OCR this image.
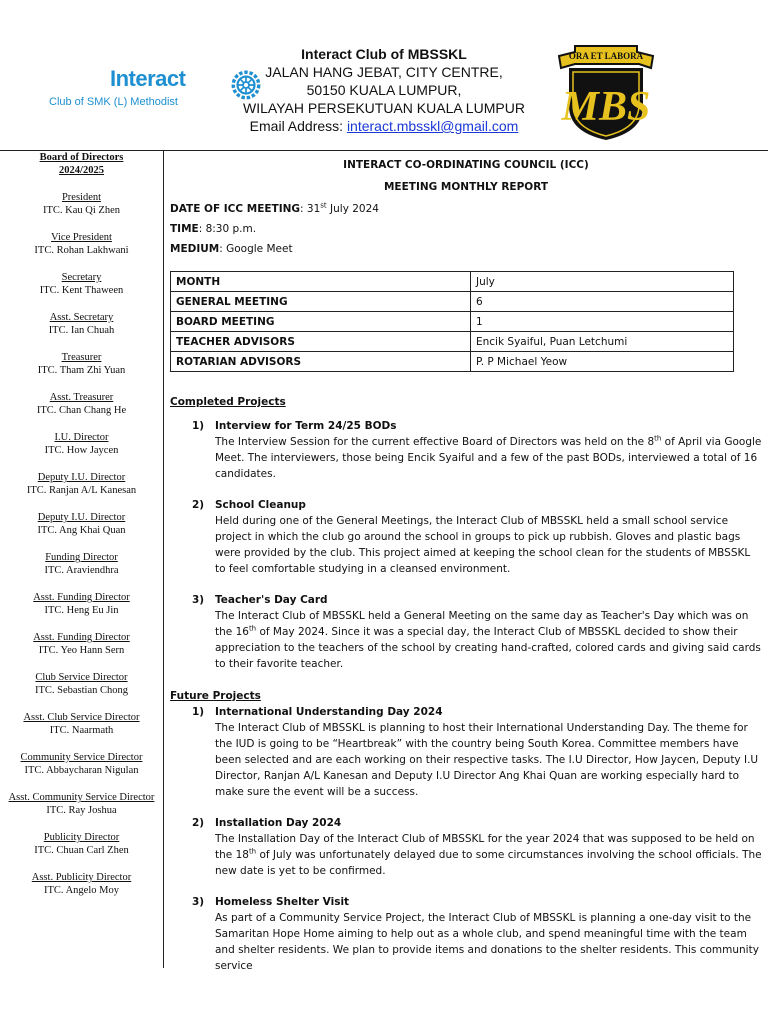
Interact
Club of SMK (L) Methodist
Interact Club of MBSSKL
JALAN HANG JEBAT, CITY CENTRE,
50150 KUALA LUMPUR,
WILAYAH PERSEKUTUAN KUALA LUMPUR
Email Address: interact.mbsskl@gmail.com
ORA ET LABORA
MBS
Board of Directors
2024/2025
President
ITC. Kau Qi Zhen
Vice President
ITC. Rohan Lakhwani
Secretary
ITC. Kent Thaween
Asst. Secretary
ITC. Ian Chuah
Treasurer
ITC. Tham Zhi Yuan
Asst. Treasurer
ITC. Chan Chang He
I.U. Director
ITC. How Jaycen
Deputy I.U. Director
ITC. Ranjan A/L Kanesan
Deputy I.U. Director
ITC. Ang Khai Quan
Funding Director
ITC. Araviendhra
Asst. Funding Director
ITC. Heng Eu Jin
Asst. Funding Director
ITC. Yeo Hann Sern
Club Service Director
ITC. Sebastian Chong
Asst. Club Service Director
ITC. Naarmath
Community Service Director
ITC. Abbaycharan Nigulan
Asst. Community Service Director
ITC. Ray Joshua
Publicity Director
ITC. Chuan Carl Zhen
Asst. Publicity Director
ITC. Angelo Moy
INTERACT CO-ORDINATING COUNCIL (ICC)
MEETING MONTHLY REPORT
DATE OF ICC MEETING: 31st July 2024
TIME: 8:30 p.m.
MEDIUM: Google Meet
MONTH	July
GENERAL MEETING	6
BOARD MEETING	1
TEACHER ADVISORS	Encik Syaiful, Puan Letchumi
ROTARIAN ADVISORS	P. P Michael Yeow
Completed Projects
1) Interview for Term 24/25 BODs
The Interview Session for the current effective Board of Directors was held on the 8th of April via Google Meet. The interviewers, those being Encik Syaiful and a few of the past BODs, interviewed a total of 16 candidates.
2) School Cleanup
Held during one of the General Meetings, the Interact Club of MBSSKL held a small school service project in which the club go around the school in groups to pick up rubbish. Gloves and plastic bags were provided by the club. This project aimed at keeping the school clean for the students of MBSSKL to feel comfortable studying in a cleansed environment.
3) Teacher's Day Card
The Interact Club of MBSSKL held a General Meeting on the same day as Teacher's Day which was on the 16th of May 2024. Since it was a special day, the Interact Club of MBSSKL decided to show their appreciation to the teachers of the school by creating hand-crafted, colored cards and giving said cards to their favorite teacher.
Future Projects
1) International Understanding Day 2024
The Interact Club of MBSSKL is planning to host their International Understanding Day. The theme for the IUD is going to be “Heartbreak” with the country being South Korea. Committee members have been selected and are each working on their respective tasks. The I.U Director, How Jaycen, Deputy I.U Director, Ranjan A/L Kanesan and Deputy I.U Director Ang Khai Quan are working especially hard to make sure the event will be a success.
2) Installation Day 2024
The Installation Day of the Interact Club of MBSSKL for the year 2024 that was supposed to be held on the 18th of July was unfortunately delayed due to some circumstances involving the school officials. The new date is yet to be confirmed.
3) Homeless Shelter Visit
As part of a Community Service Project, the Interact Club of MBSSKL is planning a one-day visit to the Samaritan Hope Home aiming to help out as a whole club, and spend meaningful time with the team and shelter residents. We plan to provide items and donations to the shelter residents. This community service
